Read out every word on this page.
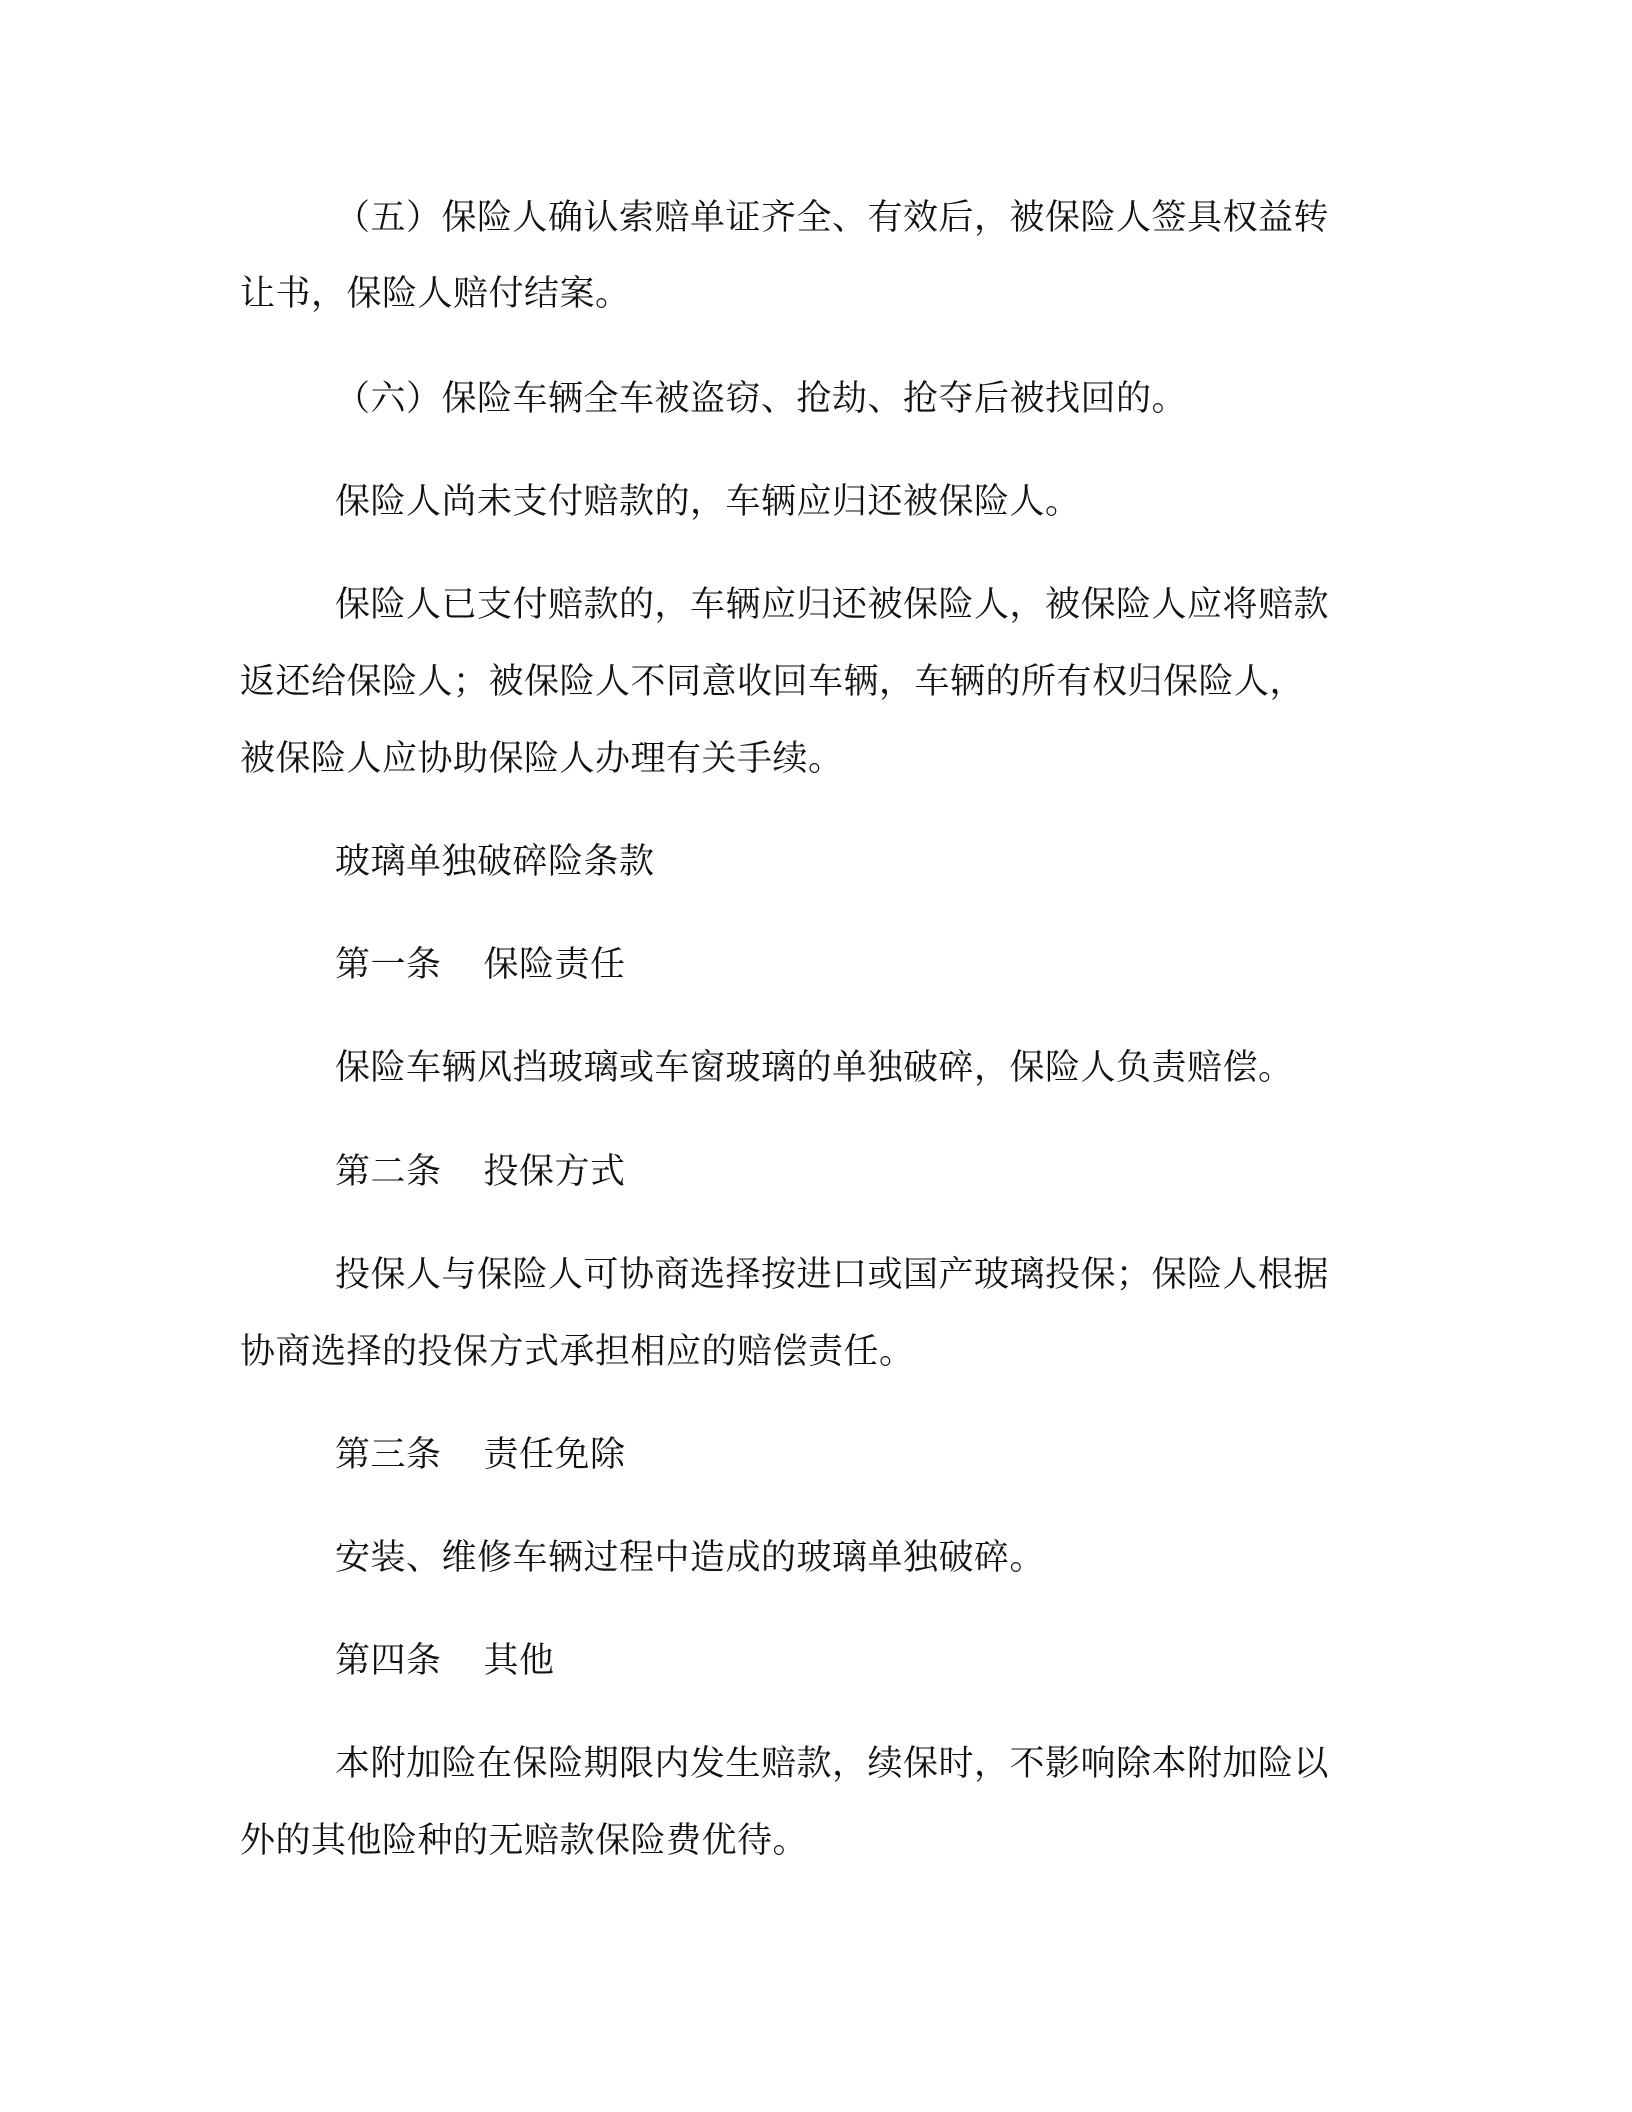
（五）保险人确认索赔单证齐全、有效后，被保险人签具权益转
让书，保险人赔付结案。
（六）保险车辆全车被盗窃、抢劫、抢夺后被找回的。
保险人尚未支付赔款的，车辆应归还被保险人。
保险人已支付赔款的，车辆应归还被保险人，被保险人应将赔款
返还给保险人；被保险人不同意收回车辆，车辆的所有权归保险人，
被保险人应协助保险人办理有关手续。
玻璃单独破碎险条款
第一条 保险责任
保险车辆风挡玻璃或车窗玻璃的单独破碎，保险人负责赔偿。
第二条 投保方式
投保人与保险人可协商选择按进口或国产玻璃投保；保险人根据
协商选择的投保方式承担相应的赔偿责任。
第三条 责任免除
安装、维修车辆过程中造成的玻璃单独破碎。
第四条 其他
本附加险在保险期限内发生赔款，续保时，不影响除本附加险以
外的其他险种的无赔款保险费优待。
